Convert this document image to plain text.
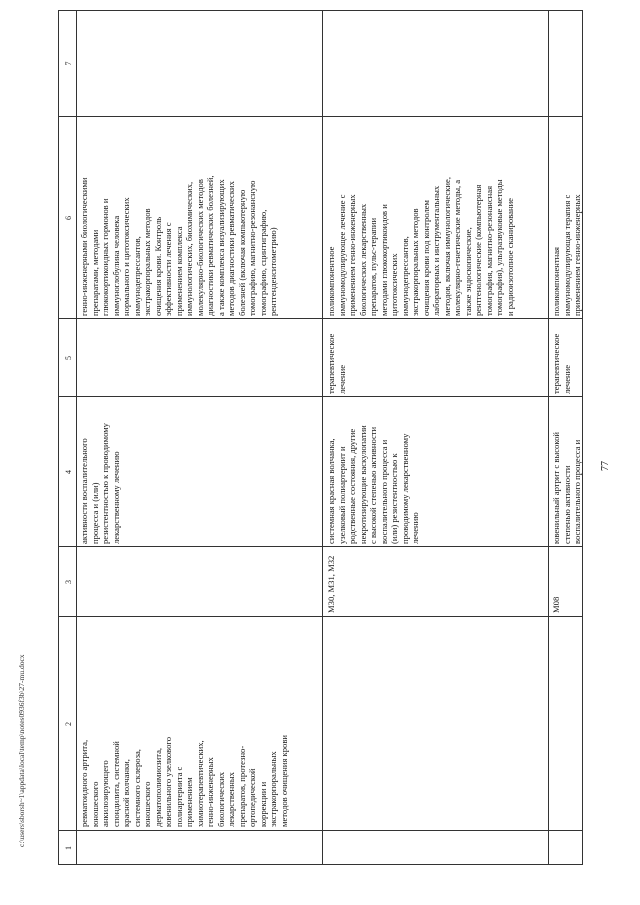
77
c:\users\sborsh~1\appdata\local\temp\notes0936f3b\27-mu.docx
1
2
3
4
5
6
7
ревматоидного артрита,
юношеского
анкилозирующего
спондилита, системной
красной волчанки,
системного склероза,
юношеского
дерматополимиозита,
ювенильного узелкового
полиартериита с
применением
химиотерапевтических,
генно-инженерных
биологических
лекарственных
препаратов, протезно-
ортопедической
коррекции и
экстракорпоральных
методов очищения крови
активности воспалительного
процесса и (или)
резистентностью к проводимому
лекарственному лечению
генно-инженерными биологическими
препаратами, методами
глюкокортикоидных гормонов и
иммуноглобулина человека
нормального и цитотоксических
иммунодепрессантов,
экстракорпоральных методов
очищения крови. Контроль
эффективности лечения с
применением комплекса
иммунологических, биохимических,
молекулярно-биологических методов
диагностики ревматических болезней,
а также комплекса визуализирующих
методов диагностики ревматических
болезней (включая компьютерную
томографию, магнитно-резонансную
томографию, сцинтиграфию,
рентгенденситометрию)
М30, М31, М32
системная красная волчанка,
узелковый полиартериит и
родственные состояния, другие
некротизирующие васкулопатии
с высокой степенью активности
воспалительного процесса и
(или) резистентностью к
проводимому лекарственному
лечению
терапевтическое
лечение
поликомпонентное
иммуномодулирующее лечение с
применением генно-инженерных
биологических лекарственных
препаратов, пульс-терапии
методами глюкокортикоидов и
цитотоксических
иммунодепрессантов,
экстракорпоральных методов
очищения крови под контролем
лабораторных и инструментальных
методов, включая иммунологические,
молекулярно-генетические методы, а
также эндоскопические,
рентгенологические (компьютерная
томография, магнитно-резонансная
томография), ультразвуковые методы
и радиоизотопное сканирование
М08
ювенильный артрит с высокой
степенью активности
воспалительного процесса и
терапевтическое
лечение
поликомпонентная
иммуномодулирующая терапия с
применением генно-инженерных
